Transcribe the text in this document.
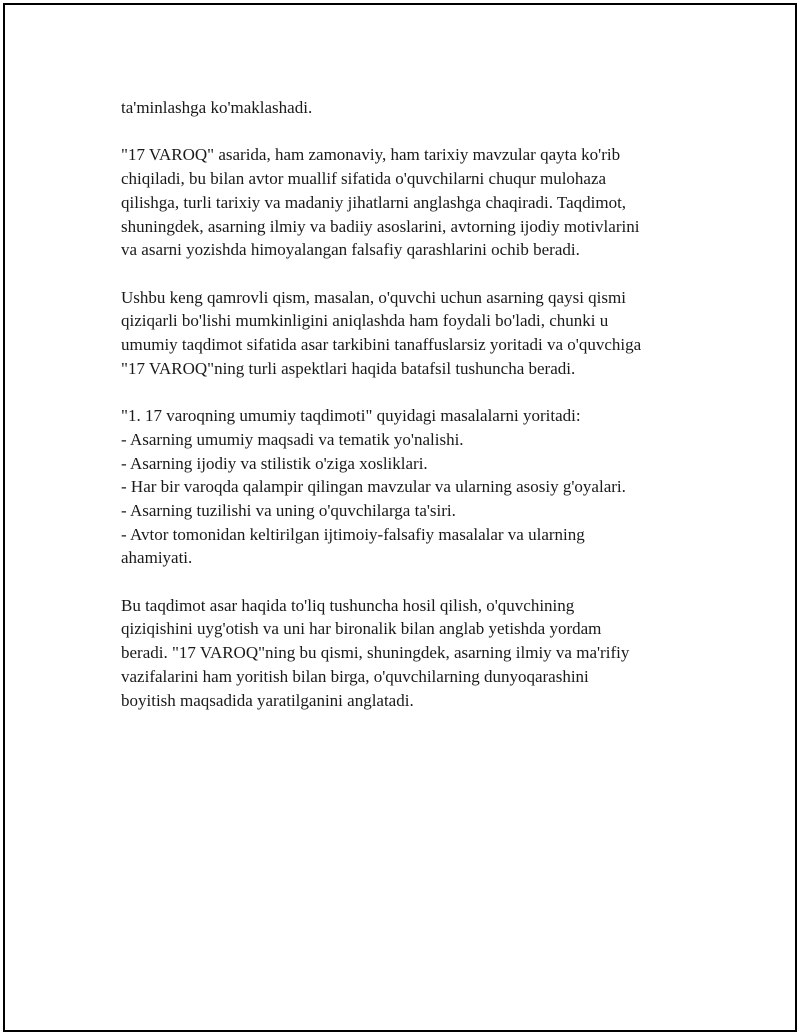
ta'minlashga ko'maklashadi.

"17 VAROQ" asarida, ham zamonaviy, ham tarixiy mavzular qayta ko'rib
chiqiladi, bu bilan avtor muallif sifatida o'quvchilarni chuqur mulohaza
qilishga, turli tarixiy va madaniy jihatlarni anglashga chaqiradi. Taqdimot,
shuningdek, asarning ilmiy va badiiy asoslarini, avtorning ijodiy motivlarini
va asarni yozishda himoyalangan falsafiy qarashlarini ochib beradi.

Ushbu keng qamrovli qism, masalan, o'quvchi uchun asarning qaysi qismi
qiziqarli bo'lishi mumkinligini aniqlashda ham foydali bo'ladi, chunki u
umumiy taqdimot sifatida asar tarkibini tanaffuslarsiz yoritadi va o'quvchiga
"17 VAROQ"ning turli aspektlari haqida batafsil tushuncha beradi.

"1. 17 varoqning umumiy taqdimoti" quyidagi masalalarni yoritadi:
- Asarning umumiy maqsadi va tematik yo'nalishi.
- Asarning ijodiy va stilistik o'ziga xosliklari.
- Har bir varoqda qalampir qilingan mavzular va ularning asosiy g'oyalari.
- Asarning tuzilishi va uning o'quvchilarga ta'siri.
- Avtor tomonidan keltirilgan ijtimoiy-falsafiy masalalar va ularning
ahamiyati.

Bu taqdimot asar haqida to'liq tushuncha hosil qilish, o'quvchining
qiziqishini uyg'otish va uni har bironalik bilan anglab yetishda yordam
beradi. "17 VAROQ"ning bu qismi, shuningdek, asarning ilmiy va ma'rifiy
vazifalarini ham yoritish bilan birga, o'quvchilarning dunyoqarashini
boyitish maqsadida yaratilganini anglatadi.
